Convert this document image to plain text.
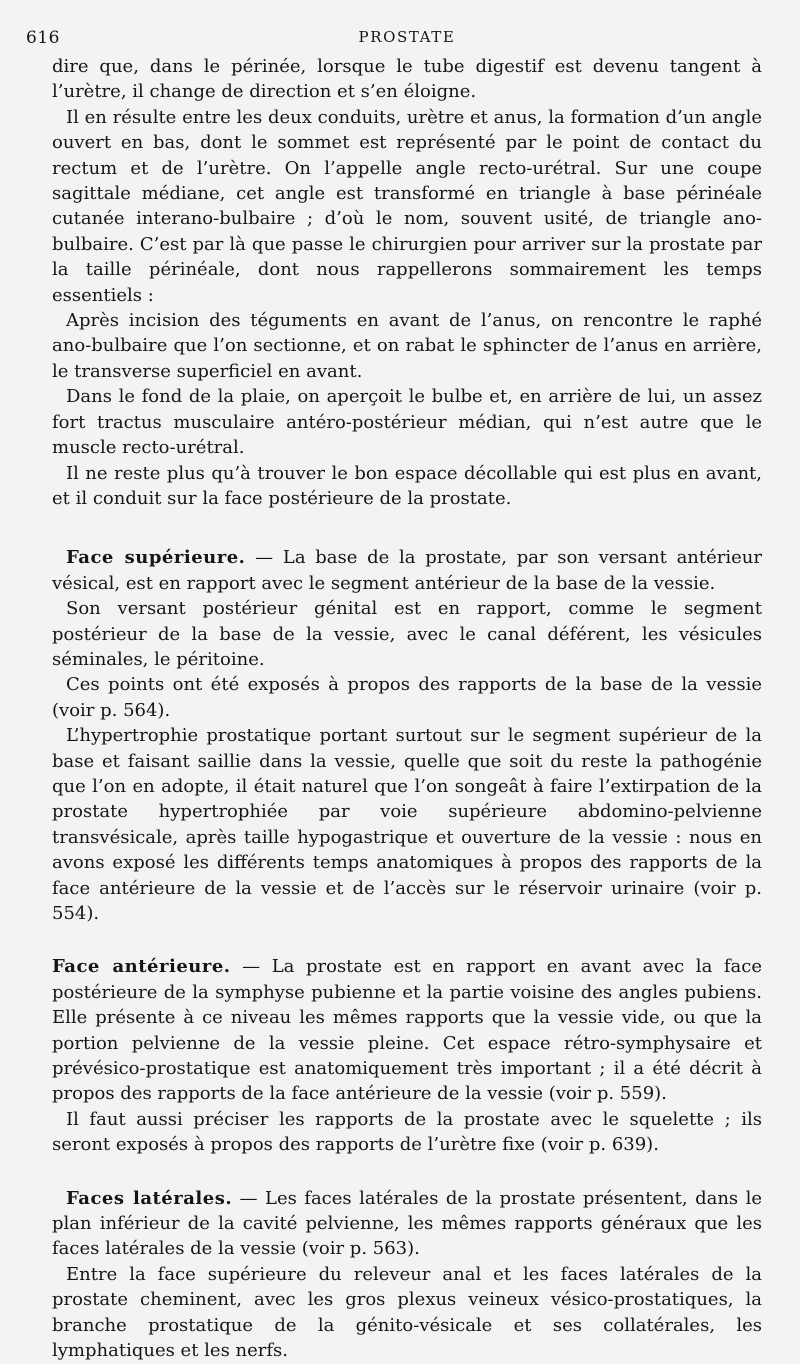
616	PROSTATE

dire que, dans le périnée, lorsque le tube digestif est devenu tangent à l’urètre, il change de direction et s’en éloigne.

Il en résulte entre les deux conduits, urètre et anus, la formation d’un angle ouvert en bas, dont le sommet est représenté par le point de contact du rectum et de l’urètre. On l’appelle angle recto-urétral. Sur une coupe sagittale médiane, cet angle est transformé en triangle à base périnéale cutanée interano-bulbaire ; d’où le nom, souvent usité, de triangle ano-bulbaire. C’est par là que passe le chirurgien pour arriver sur la prostate par la taille périnéale, dont nous rappellerons sommairement les temps essentiels :

Après incision des téguments en avant de l’anus, on rencontre le raphé ano-bulbaire que l’on sectionne, et on rabat le sphincter de l’anus en arrière, le transverse superficiel en avant.

Dans le fond de la plaie, on aperçoit le bulbe et, en arrière de lui, un assez fort tractus musculaire antéro-postérieur médian, qui n’est autre que le muscle recto-urétral.

Il ne reste plus qu’à trouver le bon espace décollable qui est plus en avant, et il conduit sur la face postérieure de la prostate.

Face supérieure. — La base de la prostate, par son versant antérieur vésical, est en rapport avec le segment antérieur de la base de la vessie.

Son versant postérieur génital est en rapport, comme le segment postérieur de la base de la vessie, avec le canal déférent, les vésicules séminales, le péritoine.

Ces points ont été exposés à propos des rapports de la base de la vessie (voir p. 564).

L’hypertrophie prostatique portant surtout sur le segment supérieur de la base et faisant saillie dans la vessie, quelle que soit du reste la pathogénie que l’on en adopte, il était naturel que l’on songeât à faire l’extirpation de la prostate hypertrophiée par voie supérieure abdomino-pelvienne transvésicale, après taille hypogastrique et ouverture de la vessie : nous en avons exposé les différents temps anatomiques à propos des rapports de la face antérieure de la vessie et de l’accès sur le réservoir urinaire (voir p. 554).

Face antérieure. — La prostate est en rapport en avant avec la face postérieure de la symphyse pubienne et la partie voisine des angles pubiens. Elle présente à ce niveau les mêmes rapports que la vessie vide, ou que la portion pelvienne de la vessie pleine. Cet espace rétro-symphysaire et prévésico-prostatique est anatomiquement très important ; il a été décrit à propos des rapports de la face antérieure de la vessie (voir p. 559).

Il faut aussi préciser les rapports de la prostate avec le squelette ; ils seront exposés à propos des rapports de l’urètre fixe (voir p. 639).

Faces latérales. — Les faces latérales de la prostate présentent, dans le plan inférieur de la cavité pelvienne, les mêmes rapports généraux que les faces latérales de la vessie (voir p. 563).

Entre la face supérieure du releveur anal et les faces latérales de la prostate cheminent, avec les gros plexus veineux vésico-prostatiques, la branche prostatique de la génito-vésicale et ses collatérales, les lymphatiques et les nerfs.
